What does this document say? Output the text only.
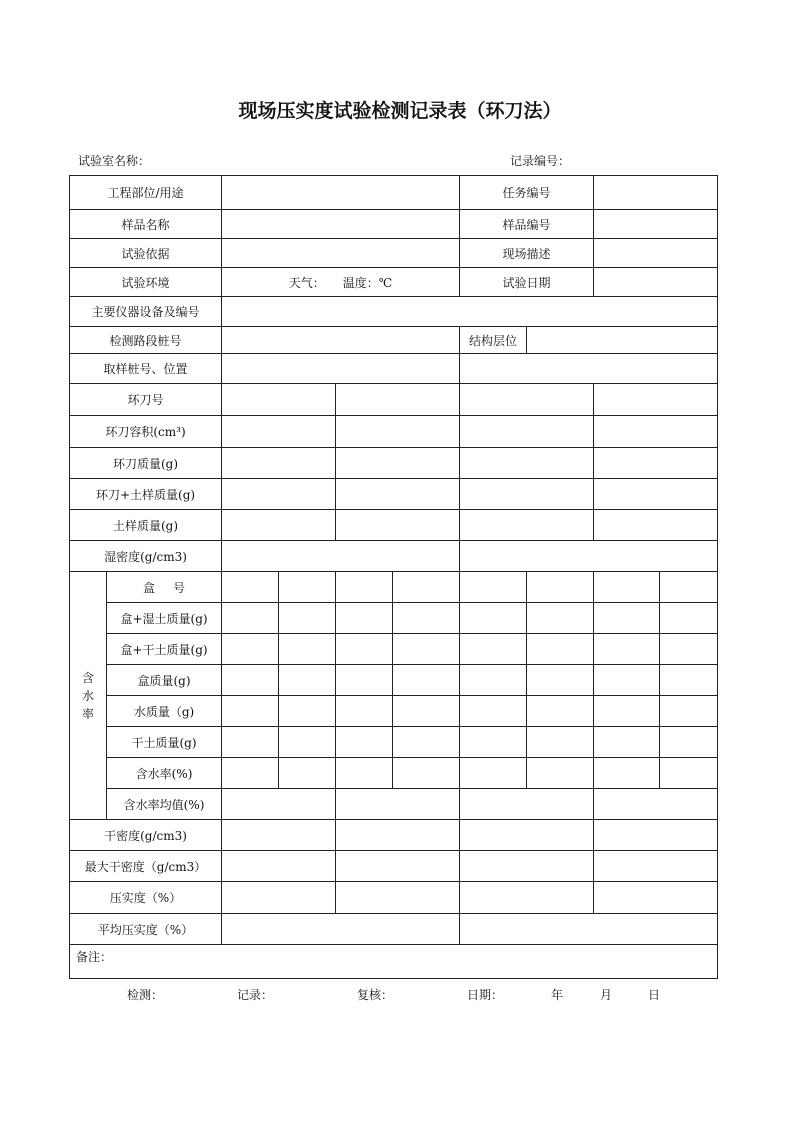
现场压实度试验检测记录表（环刀法）
试验室名称：	记录编号：
工程部位/用途						任务编号			
样品名称						样品编号			
试验依据						现场描述			
试验环境		天气： 温度：℃				试验日期			
主要仪器设备及编号									
检测路段桩号						结构层位			
取样桩号、位置									
环刀号									
环刀容积(cm³)									
环刀质量(g)									
环刀+土样质量(g)									
土样质量(g)									
湿密度(g/cm3)									
含水率	盒 号								
	盒+湿土质量(g)								
	盒+干土质量(g)								
	盒质量(g)								
	水质量（g)								
	干土质量(g)								
	含水率(%)								
	含水率均值(%)								
干密度(g/cm3)									
最大干密度（g/cm3）									
压实度（%）									
平均压实度（%）									
备注：									
检测：	记录：	复核：	日期：	年	月	日
